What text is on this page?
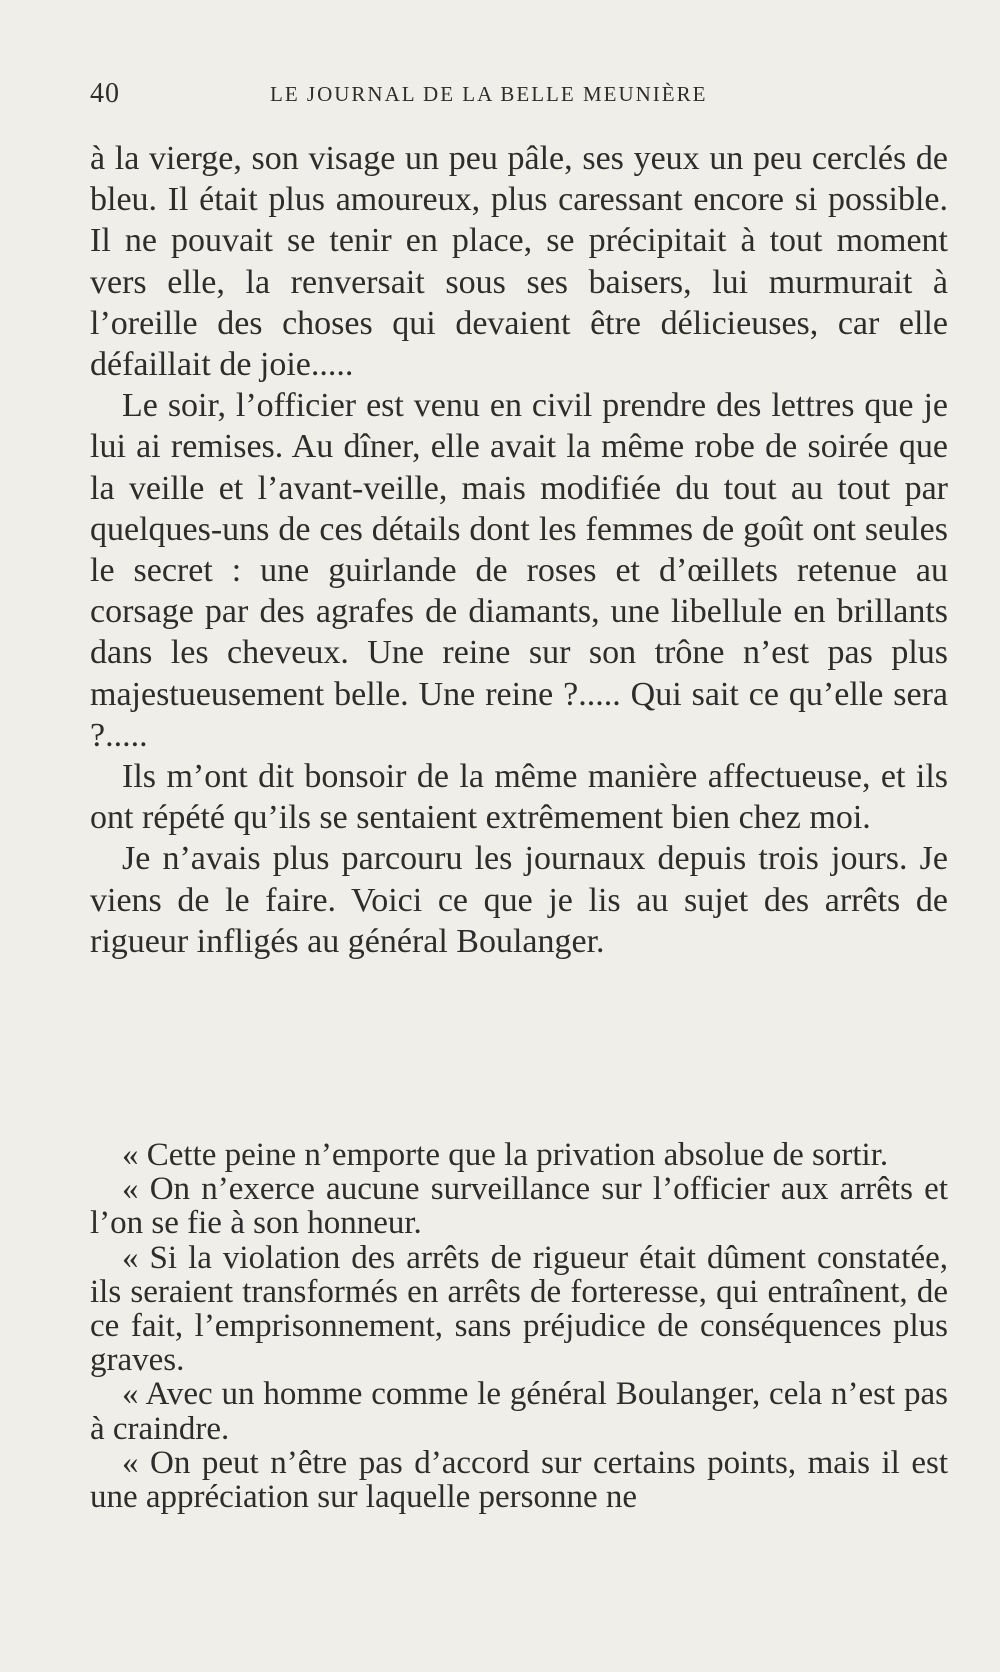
40	LE JOURNAL DE LA BELLE MEUNIÈRE

à la vierge, son visage un peu pâle, ses yeux un peu cerclés de bleu. Il était plus amoureux, plus caressant encore si possible. Il ne pouvait se tenir en place, se précipitait à tout moment vers elle, la renversait sous ses baisers, lui murmurait à l’oreille des choses qui devaient être délicieuses, car elle défaillait de joie.....

Le soir, l’officier est venu en civil prendre des lettres que je lui ai remises. Au dîner, elle avait la même robe de soirée que la veille et l’avant-veille, mais modifiée du tout au tout par quelques-uns de ces détails dont les femmes de goût ont seules le secret : une guirlande de roses et d’œillets retenue au corsage par des agrafes de diamants, une libellule en brillants dans les cheveux. Une reine sur son trône n’est pas plus majestueusement belle. Une reine ?..... Qui sait ce qu’elle sera ?.....

Ils m’ont dit bonsoir de la même manière affectueuse, et ils ont répété qu’ils se sentaient extrêmement bien chez moi.

Je n’avais plus parcouru les journaux depuis trois jours. Je viens de le faire. Voici ce que je lis au sujet des arrêts de rigueur infligés au général Boulanger.

« Cette peine n’emporte que la privation absolue de sortir.

« On n’exerce aucune surveillance sur l’officier aux arrêts et l’on se fie à son honneur.

« Si la violation des arrêts de rigueur était dûment constatée, ils seraient transformés en arrêts de forteresse, qui entraînent, de ce fait, l’emprisonnement, sans préjudice de conséquences plus graves.

« Avec un homme comme le général Boulanger, cela n’est pas à craindre.

« On peut n’être pas d’accord sur certains points, mais il est une appréciation sur laquelle personne ne
